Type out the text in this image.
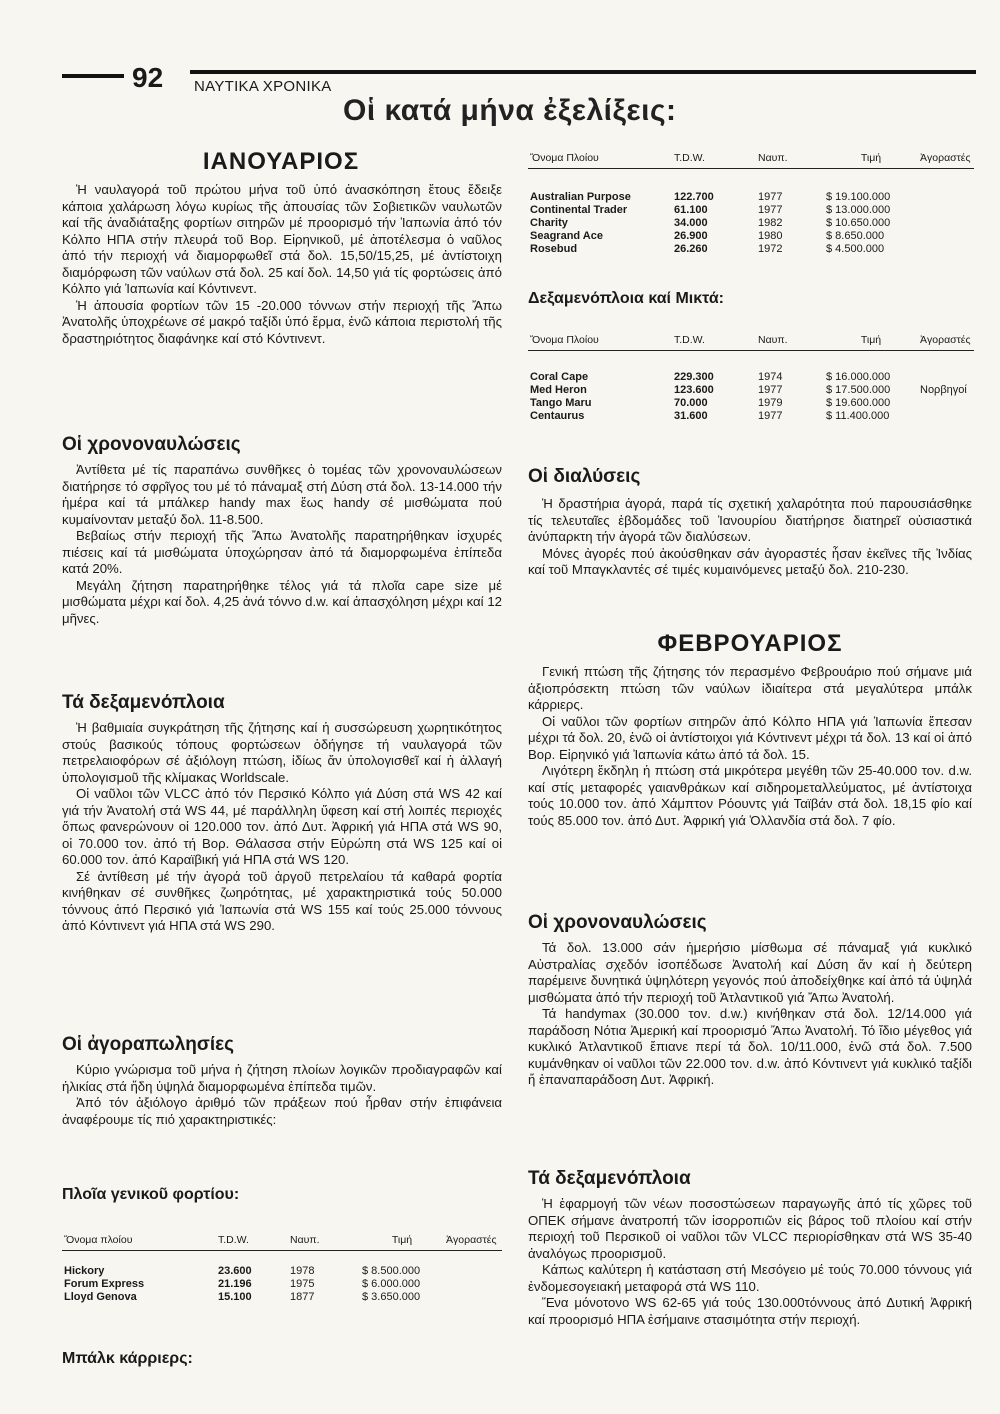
92 ΝΑΥΤΙΚΑ ΧΡΟΝΙΚΑ
Οἱ κατά μήνα ἐξελίξεις:
ΙΑΝΟΥΑΡΙΟΣ

Ἡ ναυλαγορά τοῦ πρώτου μήνα τοῦ ὑπό ἀνασκόπηση ἔτους ἔδειξε κάποια χαλάρωση λόγω κυρίως τῆς ἀπουσίας τῶν Σοβιετικῶν ναυλωτῶν καί τῆς ἀναδιάταξης φορτίων σιτηρῶν μέ προορισμό τήν Ἰαπωνία ἀπό τόν Κόλπο ΗΠΑ στήν πλευρά τοῦ Βορ. Εἰρηνικοῦ, μέ ἀποτέλεσμα ὁ ναῦλος ἀπό τήν περιοχή νά διαμορφωθεῖ στά δολ. 15,50/15,25, μέ ἀντίστοιχη διαμόρφωση τῶν ναύλων στά δολ. 25 καί δολ. 14,50 γιά τίς φορτώσεις ἀπό Κόλπο γιά Ἰαπωνία καί Κόντινεντ.

Ἡ ἀπουσία φορτίων τῶν 15 -20.000 τόννων στήν περιοχή τῆς Ἄπω Ἀνατολῆς ὑποχρέωνε σέ μακρό ταξίδι ὑπό ἔρμα, ἐνῶ κάποια περιστολή τῆς δραστηριότητος διαφάνηκε καί στό Κόντινεντ.

Οἱ χρονοναυλώσεις

Ἀντίθετα μέ τίς παραπάνω συνθῆκες ὁ τομέας τῶν χρονοναυλώσεων διατήρησε τό σφρῖγος του μέ τό πάναμαξ στή Δύση στά δολ. 13-14.000 τήν ἡμέρα καί τά μπάλκερ handy max ἕως handy σέ μισθώματα πού κυμαίνονταν μεταξύ δολ. 11-8.500.

Βεβαίως στήν περιοχή τῆς Ἄπω Ἀνατολῆς παρατηρήθηκαν ἰσχυρές πιέσεις καί τά μισθώματα ὑποχώρησαν ἀπό τά διαμορφωμένα ἐπίπεδα κατά 20%.

Μεγάλη ζήτηση παρατηρήθηκε τέλος γιά τά πλοῖα cape size μέ μισθώματα μέχρι καί δολ. 4,25 ἀνά τόννο d.w. καί ἀπασχόληση μέχρι καί 12 μῆνες.

Τά δεξαμενόπλοια

Ἡ βαθμιαία συγκράτηση τῆς ζήτησης καί ἡ συσσώρευση χωρητικότητος στούς βασικούς τόπους φορτώσεων ὁδήγησε τή ναυλαγορά τῶν πετρελαιοφόρων σέ ἀξιόλογη πτώση, ἰδίως ἄν ὑπολογισθεῖ καί ἡ ἀλλαγή ὑπολογισμοῦ τῆς κλίμακας Worldscale.

Οἱ ναῦλοι τῶν VLCC ἀπό τόν Περσικό Κόλπο γιά Δύση στά WS 42 καί γιά τήν Ἀνατολή στά WS 44, μέ παράλληλη ὕφεση καί στή λοιπές περιοχές ὅπως φανερώνουν οἱ 120.000 τον. ἀπό Δυτ. Ἀφρική γιά ΗΠΑ στά WS 90, οἱ 70.000 τον. ἀπό τή Βορ. Θάλασσα στήν Εὐρώπη στά WS 125 καί οἱ 60.000 τον. ἀπό Καραϊβική γιά ΗΠΑ στά WS 120.

Σέ ἀντίθεση μέ τήν ἀγορά τοῦ ἀργοῦ πετρελαίου τά καθαρά φορτία κινήθηκαν σέ συνθῆκες ζωηρότητας, μέ χαρακτηριστικά τούς 50.000 τόννους ἀπό Περσικό γιά Ἰαπωνία στά WS 155 καί τούς 25.000 τόννους ἀπό Κόντινεντ γιά ΗΠΑ στά WS 290.

Οἱ ἀγοραπωλησίες

Κύριο γνώρισμα τοῦ μήνα ἡ ζήτηση πλοίων λογικῶν προδιαγραφῶν καί ἡλικίας στά ἤδη ὑψηλά διαμορφωμένα ἐπίπεδα τιμῶν.

Ἀπό τόν ἀξιόλογο ἀριθμό τῶν πράξεων πού ἦρθαν στήν ἐπιφάνεια ἀναφέρουμε τίς πιό χαρακτηριστικές:

Πλοῖα γενικοῦ φορτίου:
Ὄνομα πλοίου	T.D.W.	Ναυπ.	Τιμή	Ἀγοραστές

Hickory	23.600	1978	$ 8.500.000	
Forum Express	21.196	1975	$ 6.000.000	
Lloyd Genova	15.100	1877	$ 3.650.000	
Μπάλκ κάρριερς:
Ὄνομα Πλοίου	T.D.W.	Ναυπ.	Τιμή	Ἀγοραστές

Australian Purpose	122.700	1977	$ 19.100.000	
Continental Trader	61.100	1977	$ 13.000.000	
Charity	34.000	1982	$ 10.650.000	
Seagrand Ace	26.900	1980	$ 8.650.000	
Rosebud	26.260	1972	$ 4.500.000	
Δεξαμενόπλοια καί Μικτά:
Ὄνομα Πλοίου	T.D.W.	Ναυπ.	Τιμή	Ἀγοραστές

Coral Cape	229.300	1974	$ 16.000.000	
Med Heron	123.600	1977	$ 17.500.000	Νορβηγοί
Tango Maru	70.000	1979	$ 19.600.000	
Centaurus	31.600	1977	$ 11.400.000	
Οἱ διαλύσεις

Ἡ δραστήρια ἀγορά, παρά τίς σχετική χαλαρότητα πού παρουσιάσθηκε τίς τελευταῖες ἑβδομάδες τοῦ Ἰανουρίου διατήρησε διατηρεῖ οὐσιαστικά ἀνύπαρκτη τήν ἀγορά τῶν διαλύσεων.

Μόνες ἀγορές πού ἀκούσθηκαν σάν ἀγοραστές ἦσαν ἐκεῖνες τῆς Ἰνδίας καί τοῦ Μπαγκλαντές σέ τιμές κυμαινόμενες μεταξύ δολ. 210-230.

ΦΕΒΡΟΥΑΡΙΟΣ

Γενική πτώση τῆς ζήτησης τόν περασμένο Φεβρουάριο πού σήμανε μιά ἀξιοπρόσεκτη πτώση τῶν ναύλων ἰδιαίτερα στά μεγαλύτερα μπάλκ κάρριερς.

Οἱ ναῦλοι τῶν φορτίων σιτηρῶν ἀπό Κόλπο ΗΠΑ γιά Ἰαπωνία ἔπεσαν μέχρι τά δολ. 20, ἐνῶ οἱ ἀντίστοιχοι γιά Κόντινεντ μέχρι τά δολ. 13 καί οἱ ἀπό Βορ. Εἰρηνικό γιά Ἰαπωνία κάτω ἀπό τά δολ. 15.

Λιγότερη ἔκδηλη ἡ πτώση στά μικρότερα μεγέθη τῶν 25-40.000 τον. d.w. καί στίς μεταφορές γαιανθράκων καί σιδηρομεταλλεύματος, μέ ἀντίστοιχα τούς 10.000 τον. ἀπό Χάμπτον Ρόουντς γιά Ταϊβάν στά δολ. 18,15 φίο καί τούς 85.000 τον. ἀπό Δυτ. Ἀφρική γιά Ὁλλανδία στά δολ. 7 φίο.

Οἱ χρονοναυλώσεις

Τά δολ. 13.000 σάν ἡμερήσιο μίσθωμα σέ πάναμαξ γιά κυκλικό Αὐστραλίας σχεδόν ἰσοπέδωσε Ἀνατολή καί Δύση ἄν καί ἡ δεύτερη παρέμεινε δυνητικά ὑψηλότερη γεγονός πού ἀποδείχθηκε καί ἀπό τά ὑψηλά μισθώματα ἀπό τήν περιοχή τοῦ Ἀτλαντικοῦ γιά Ἄπω Ἀνατολή.

Τά handymax (30.000 τον. d.w.) κινήθηκαν στά δολ. 12/14.000 γιά παράδοση Νότια Ἀμερική καί προορισμό Ἄπω Ἀνατολή. Τό ἴδιο μέγεθος γιά κυκλικό Ἀτλαντικοῦ ἔπιανε περί τά δολ. 10/11.000, ἐνῶ στά δολ. 7.500 κυμάνθηκαν οἱ ναῦλοι τῶν 22.000 τον. d.w. ἀπό Κόντινεντ γιά κυκλικό ταξίδι ἤ ἐπαναπαράδοση Δυτ. Ἀφρική.

Τά δεξαμενόπλοια

Ἡ ἐφαρμογή τῶν νέων ποσοστώσεων παραγωγῆς ἀπό τίς χῶρες τοῦ ΟΠΕΚ σήμανε ἀνατροπή τῶν ἰσορροπιῶν εἰς βάρος τοῦ πλοίου καί στήν περιοχή τοῦ Περσικοῦ οἱ ναῦλοι τῶν VLCC περιορίσθηκαν στά WS 35-40 ἀναλόγως προορισμοῦ.

Κάπως καλύτερη ἡ κατάσταση στή Μεσόγειο μέ τούς 70.000 τόννους γιά ἐνδομεσογειακή μεταφορά στά WS 110.

Ἕνα μόνοτονο WS 62-65 γιά τούς 130.000τόννους ἀπό Δυτική Ἀφρική καί προορισμό ΗΠΑ ἐσήμαινε στασιμότητα στήν περιοχή.
